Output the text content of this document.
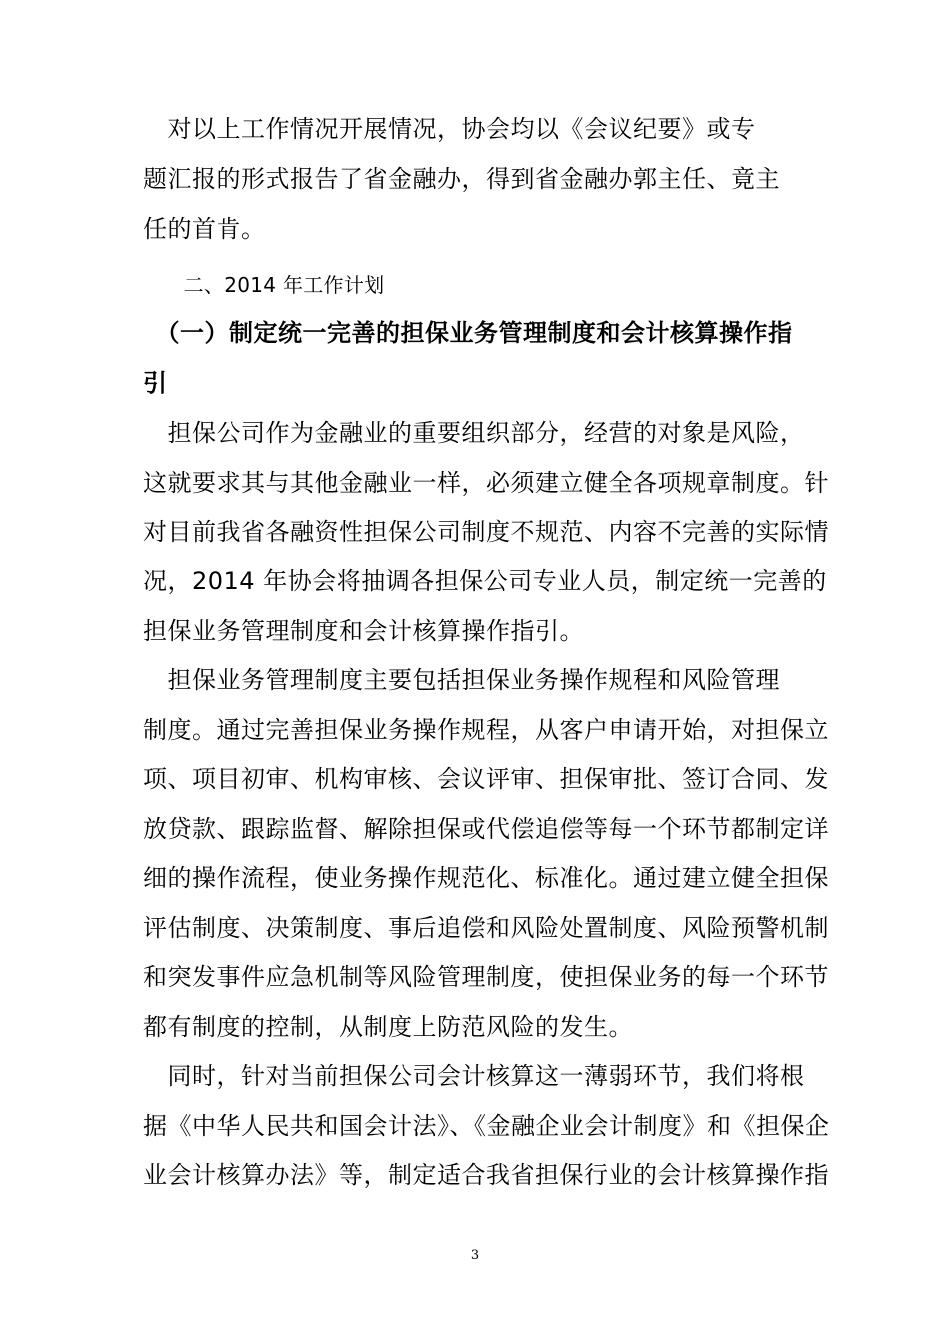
　对以上工作情况开展情况，协会均以《会议纪要》或专
题汇报的形式报告了省金融办，得到省金融办郭主任、竟主
任的首肯。
　　二、2014 年工作计划
　（一）制定统一完善的担保业务管理制度和会计核算操作指
引
　担保公司作为金融业的重要组织部分，经营的对象是风险，
这就要求其与其他金融业一样，必须建立健全各项规章制度。针
对目前我省各融资性担保公司制度不规范、内容不完善的实际情
况，2014 年协会将抽调各担保公司专业人员，制定统一完善的
担保业务管理制度和会计核算操作指引。
　担保业务管理制度主要包括担保业务操作规程和风险管理
制度。通过完善担保业务操作规程，从客户申请开始，对担保立
项、项目初审、机构审核、会议评审、担保审批、签订合同、发
放贷款、跟踪监督、解除担保或代偿追偿等每一个环节都制定详
细的操作流程，使业务操作规范化、标准化。通过建立健全担保
评估制度、决策制度、事后追偿和风险处置制度、风险预警机制
和突发事件应急机制等风险管理制度，使担保业务的每一个环节
都有制度的控制，从制度上防范风险的发生。
　同时，针对当前担保公司会计核算这一薄弱环节，我们将根
据《中华人民共和国会计法》、《金融企业会计制度》和《担保企
业会计核算办法》等，制定适合我省担保行业的会计核算操作指
3
